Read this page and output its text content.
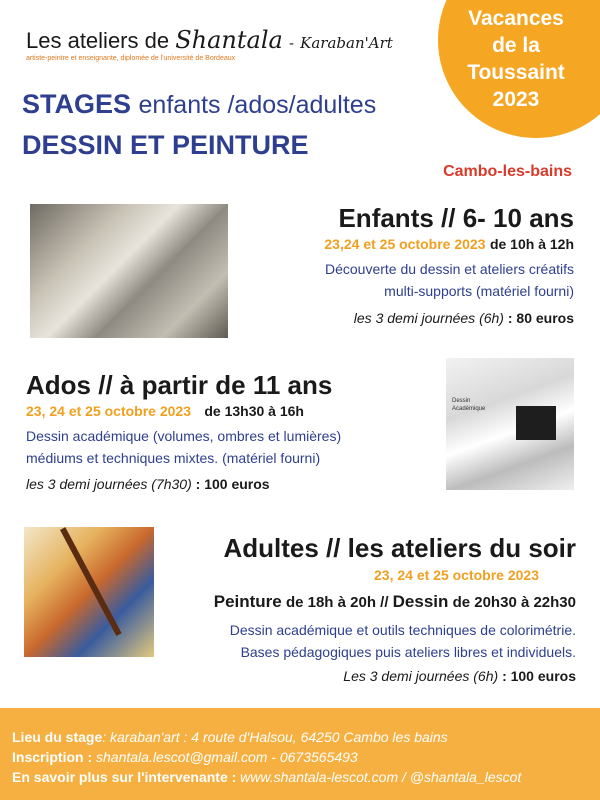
Les ateliers de Shantala - Karaban'Art
artiste-peintre et enseignante, diplomée de l'université de Bordeaux
Vacances
de la
Toussaint
2023
STAGES enfants /ados/adultes
DESSIN ET PEINTURE
Cambo-les-bains
Enfants // 6- 10 ans
23,24 et 25 octobre 2023 de 10h à 12h
Découverte du dessin et ateliers créatifs
multi-supports (matériel fourni)
les 3 demi journées (6h) : 80 euros
Ados // à partir de 11 ans
23, 24 et 25 octobre 2023 de 13h30 à 16h
Dessin académique (volumes, ombres et lumières)
médiums et techniques mixtes. (matériel fourni)
les 3 demi journées (7h30) : 100 euros
Dessin
Académique
Adultes // les ateliers du soir
23, 24 et 25 octobre 2023
Peinture de 18h à 20h // Dessin de 20h30 à 22h30
Dessin académique et outils techniques de colorimétrie.
Bases pédagogiques puis ateliers libres et individuels.
Les 3 demi journées (6h) : 100 euros
Lieu du stage: karaban'art : 4 route d'Halsou, 64250 Cambo les bains
Inscription : shantala.lescot@gmail.com - 0673565493
En savoir plus sur l'intervenante : www.shantala-lescot.com / @shantala_lescot
